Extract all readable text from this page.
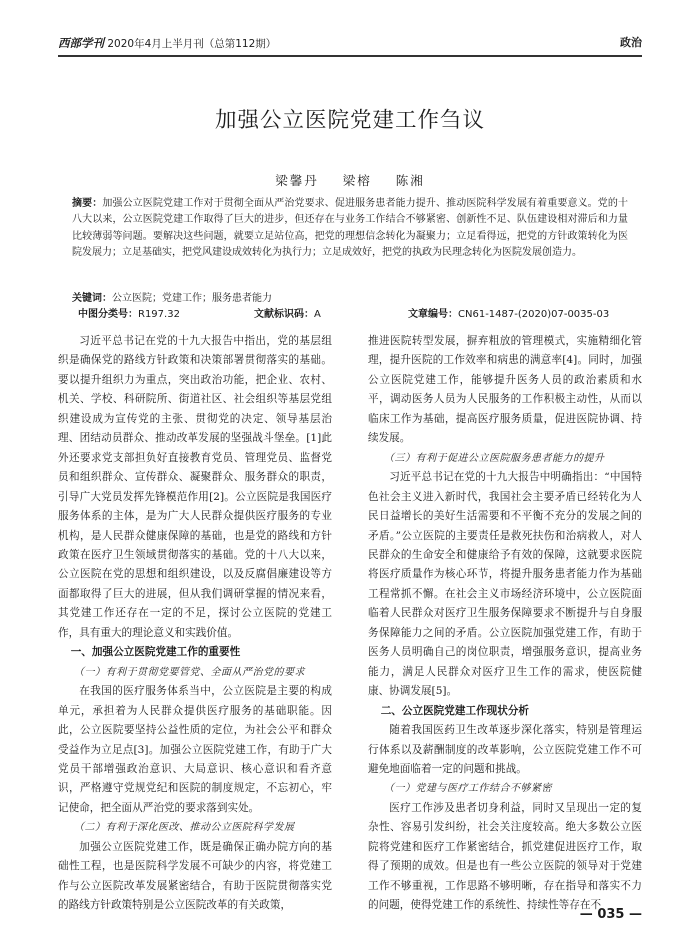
西部学刊 2020年4月上半月刊（总第112期）	政治
加强公立医院党建工作刍议
梁馨丹 梁榕 陈湘
摘要：加强公立医院党建工作对于贯彻全面从严治党要求、促进服务患者能力提升、推动医院科学发展有着重要意义。党的十八大以来，公立医院党建工作取得了巨大的进步，但还存在与业务工作结合不够紧密、创新性不足、队伍建设相对滞后和力量比较薄弱等问题。要解决这些问题，就要立足站位高，把党的理想信念转化为凝聚力；立足看得远，把党的方针政策转化为医院发展力；立足基础实，把党风建设成效转化为执行力；立足成效好，把党的执政为民理念转化为医院发展创造力。
关键词：公立医院；党建工作；服务患者能力
中图分类号：R197.32	文献标识码：A	文章编号：CN61-1487-(2020)07-0035-03

习近平总书记在党的十九大报告中指出，党的基层组织是确保党的路线方针政策和决策部署贯彻落实的基础。要以提升组织力为重点，突出政治功能，把企业、农村、机关、学校、科研院所、街道社区、社会组织等基层党组织建设成为宣传党的主张、贯彻党的决定、领导基层治理、团结动员群众、推动改革发展的坚强战斗堡垒。[1]此外还要求党支部担负好直接教育党员、管理党员、监督党员和组织群众、宣传群众、凝聚群众、服务群众的职责，引导广大党员发挥先锋模范作用[2]。公立医院是我国医疗服务体系的主体，是为广大人民群众提供医疗服务的专业机构，是人民群众健康保障的基础，也是党的路线和方针政策在医疗卫生领域贯彻落实的基础。党的十八大以来，公立医院在党的思想和组织建设，以及反腐倡廉建设等方面都取得了巨大的进展，但从我们调研掌握的情况来看，其党建工作还存在一定的不足，探讨公立医院的党建工作，具有重大的理论意义和实践价值。

一、加强公立医院党建工作的重要性
（一）有利于贯彻党要管党、全面从严治党的要求

在我国的医疗服务体系当中，公立医院是主要的构成单元，承担着为人民群众提供医疗服务的基础职能。因此，公立医院要坚持公益性质的定位，为社会公平和群众受益作为立足点[3]。加强公立医院党建工作，有助于广大党员干部增强政治意识、大局意识、核心意识和看齐意识，严格遵守党规党纪和医院的制度规定，不忘初心，牢记使命，把全面从严治党的要求落到实处。

（二）有利于深化医改、推动公立医院科学发展

加强公立医院党建工作，既是确保正确办院方向的基础性工程，也是医院科学发展不可缺少的内容，将党建工作与公立医院改革发展紧密结合，有助于医院贯彻落实党的路线方针政策特别是公立医院改革的有关政策，

推进医院转型发展，摒弃粗放的管理模式，实施精细化管理，提升医院的工作效率和病患的满意率[4]。同时，加强公立医院党建工作，能够提升医务人员的政治素质和水平，调动医务人员为人民服务的工作积极主动性，从而以临床工作为基础，提高医疗服务质量，促进医院协调、持续发展。

（三）有利于促进公立医院服务患者能力的提升

习近平总书记在党的十九大报告中明确指出：“中国特色社会主义进入新时代，我国社会主要矛盾已经转化为人民日益增长的美好生活需要和不平衡不充分的发展之间的矛盾。”公立医院的主要责任是救死扶伤和治病救人，对人民群众的生命安全和健康给予有效的保障，这就要求医院将医疗质量作为核心环节，将提升服务患者能力作为基础工程常抓不懈。在社会主义市场经济环境中，公立医院面临着人民群众对医疗卫生服务保障要求不断提升与自身服务保障能力之间的矛盾。公立医院加强党建工作，有助于医务人员明确自己的岗位职责，增强服务意识，提高业务能力，满足人民群众对医疗卫生工作的需求，使医院健康、协调发展[5]。

二、公立医院党建工作现状分析

随着我国医药卫生改革逐步深化落实，特别是管理运行体系以及薪酬制度的改革影响，公立医院党建工作不可避免地面临着一定的问题和挑战。

（一）党建与医疗工作结合不够紧密

医疗工作涉及患者切身利益，同时又呈现出一定的复杂性、容易引发纠纷，社会关注度较高。绝大多数公立医院将党建和医疗工作紧密结合，抓党建促进医疗工作，取得了预期的成效。但是也有一些公立医院的领导对于党建工作不够重视，工作思路不够明晰，存在指导和落实不力的问题，使得党建工作的系统性、持续性等存在不

— 035 —
